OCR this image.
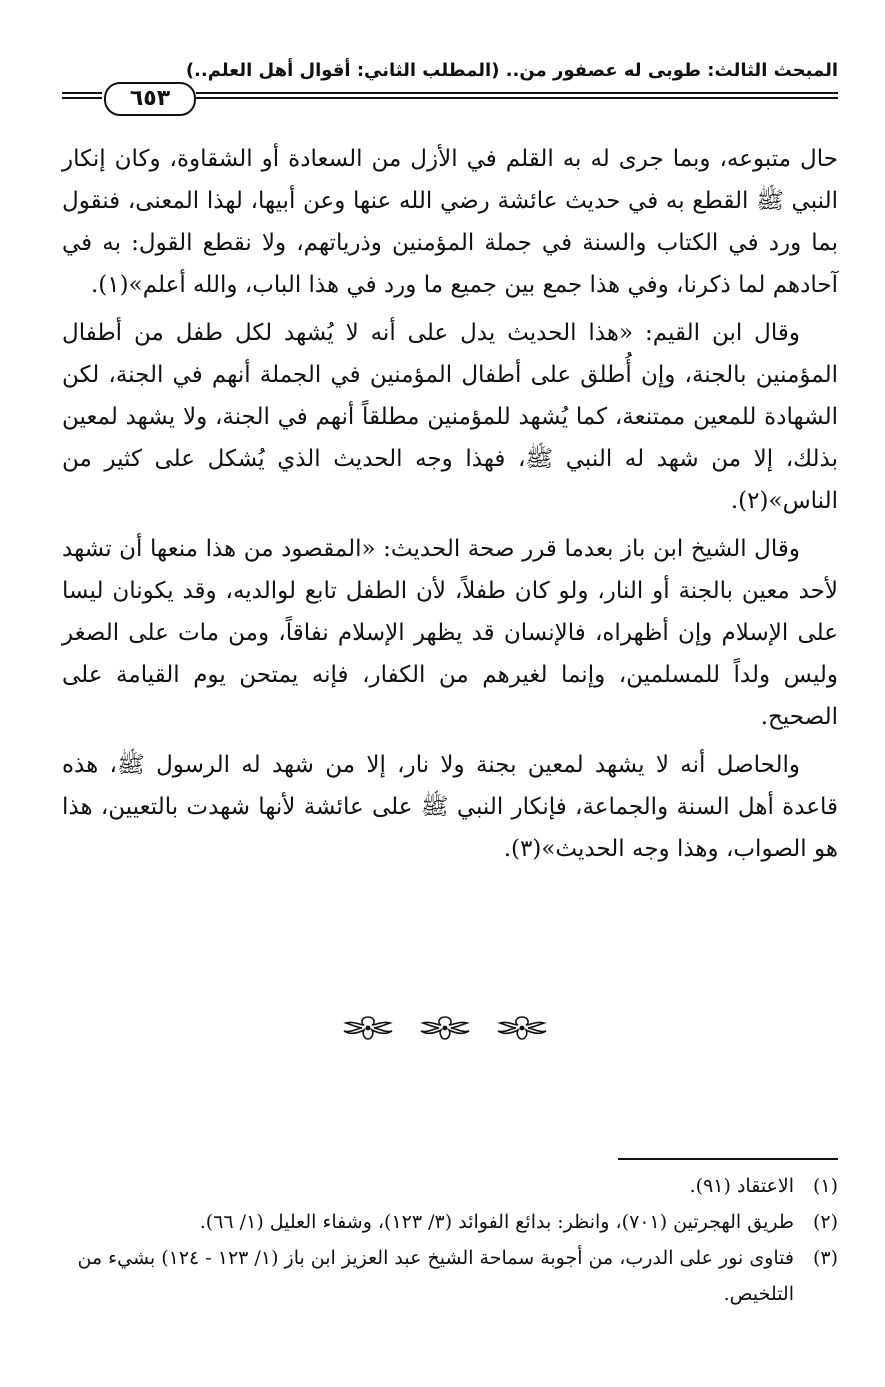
المبحث الثالث: طوبى له عصفور من.. (المطلب الثاني: أقوال أهل العلم..)
٦٥٣

حال متبوعه، وبما جرى له به القلم في الأزل من السعادة أو الشقاوة، وكان إنكار النبي ﷺ القطع به في حديث عائشة رضي الله عنها وعن أبيها، لهذا المعنى، فنقول بما ورد في الكتاب والسنة في جملة المؤمنين وذرياتهم، ولا نقطع القول: به في آحادهم لما ذكرنا، وفي هذا جمع بين جميع ما ورد في هذا الباب، والله أعلم»(١).

وقال ابن القيم: «هذا الحديث يدل على أنه لا يُشهد لكل طفل من أطفال المؤمنين بالجنة، وإن أُطلق على أطفال المؤمنين في الجملة أنهم في الجنة، لكن الشهادة للمعين ممتنعة، كما يُشهد للمؤمنين مطلقاً أنهم في الجنة، ولا يشهد لمعين بذلك، إلا من شهد له النبي ﷺ، فهذا وجه الحديث الذي يُشكل على كثير من الناس»(٢).

وقال الشيخ ابن باز بعدما قرر صحة الحديث: «المقصود من هذا منعها أن تشهد لأحد معين بالجنة أو النار، ولو كان طفلاً، لأن الطفل تابع لوالديه، وقد يكونان ليسا على الإسلام وإن أظهراه، فالإنسان قد يظهر الإسلام نفاقاً، ومن مات على الصغر وليس ولداً للمسلمين، وإنما لغيرهم من الكفار، فإنه يمتحن يوم القيامة على الصحيح.

والحاصل أنه لا يشهد لمعين بجنة ولا نار، إلا من شهد له الرسول ﷺ، هذه قاعدة أهل السنة والجماعة، فإنكار النبي ﷺ على عائشة لأنها شهدت بالتعيين، هذا هو الصواب، وهذا وجه الحديث»(٣).

(١)
الاعتقاد (٩١).
(٢)
طريق الهجرتين (٧٠١)، وانظر: بدائع الفوائد (٣/ ١٢٣)، وشفاء العليل (١/ ٦٦).
(٣)
فتاوى نور على الدرب، من أجوبة سماحة الشيخ عبد العزيز ابن باز (١/ ١٢٣ - ١٢٤) بشيء من التلخيص.
